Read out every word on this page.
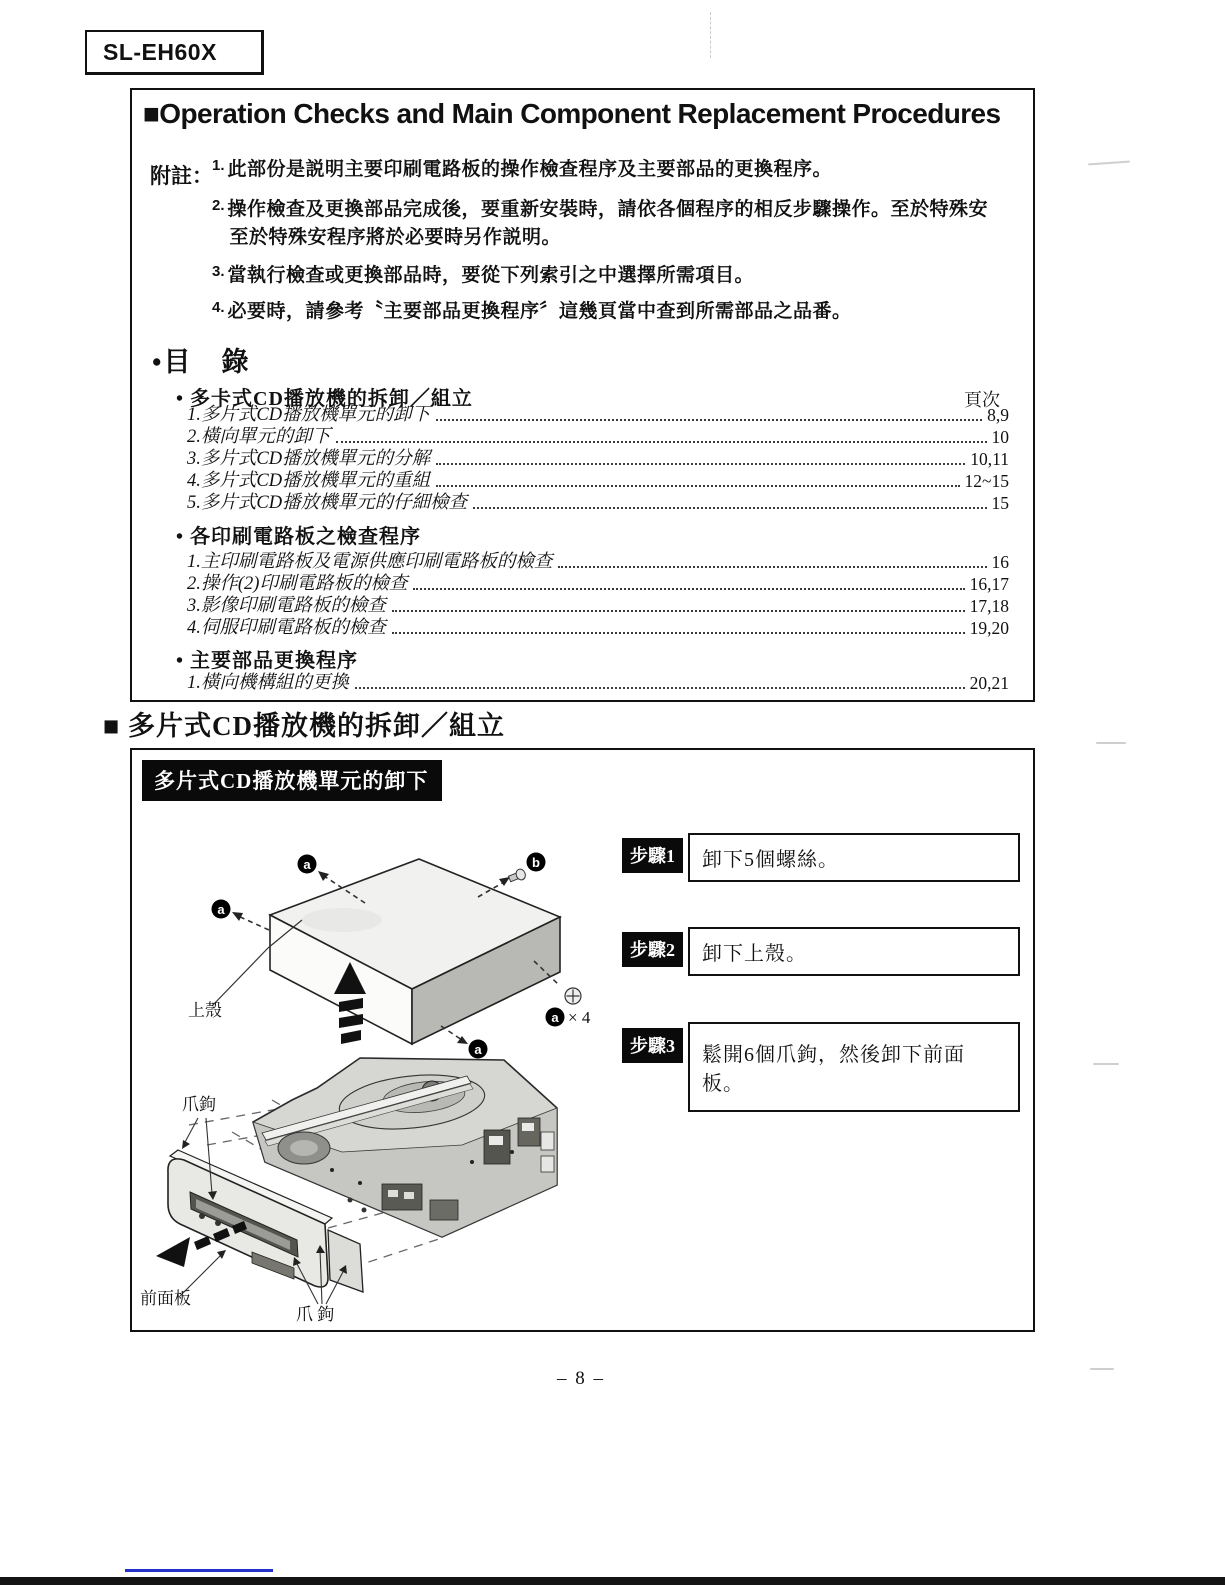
SL-EH60X
■Operation Checks and Main Component Replacement Procedures
附註： 1. 此部份是説明主要印刷電路板的操作檢查程序及主要部品的更換程序。
2. 操作檢查及更換部品完成後，要重新安裝時，請依各個程序的相反步驟操作。至於特殊安
至於特殊安程序將於必要時另作説明。
3. 當執行檢查或更換部品時，要從下列索引之中選擇所需項目。
4. 必要時，請參考〝主要部品更換程序〞這幾頁當中查到所需部品之品番。
•目　錄
頁次
• 多卡式CD播放機的拆卸／組立
1.多片式CD播放機單元的卸下	8,9
2.橫向單元的卸下	10
3.多片式CD播放機單元的分解	10,11
4.多片式CD播放機單元的重組	12~15
5.多片式CD播放機單元的仔細檢查	15
• 各印刷電路板之檢查程序
1.主印刷電路板及電源供應印刷電路板的檢查	16
2.操作(2)印刷電路板的檢查	16,17
3.影像印刷電路板的檢查	17,18
4.伺服印刷電路板的檢查	19,20
• 主要部品更換程序
1.橫向機構組的更換	20,21
■ 多片式CD播放機的拆卸／組立
多片式CD播放機單元的卸下
步驟1	卸下5個螺絲。
步驟2	卸下上殼。
步驟3	鬆開6個爪鉤，然後卸下前面板。
a	b
a
a
a × 4
上殼
爪鉤
前面板
爪 鉤
– 8 –
